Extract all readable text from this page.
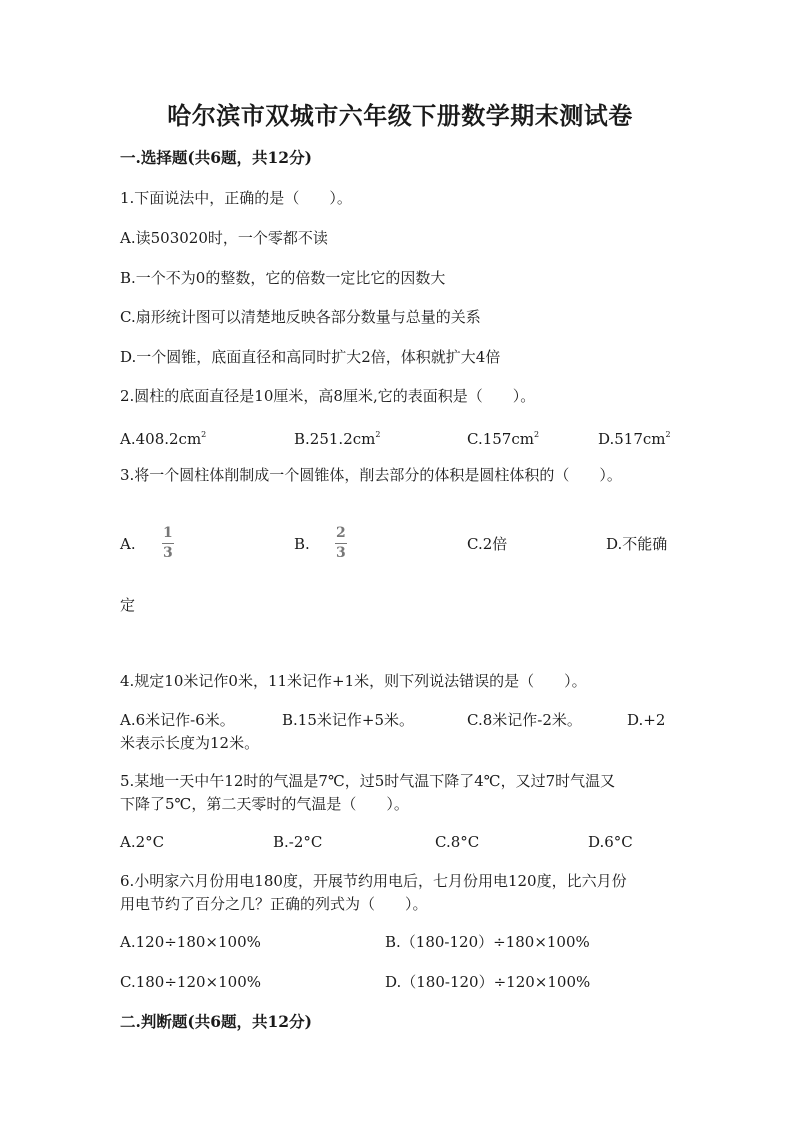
哈尔滨市双城市六年级下册数学期末测试卷
一.选择题(共6题，共12分)
1.下面说法中，正确的是（　　）。
A.读503020时，一个零都不读
B.一个不为0的整数，它的倍数一定比它的因数大
C.扇形统计图可以清楚地反映各部分数量与总量的关系
D.一个圆锥，底面直径和高同时扩大2倍，体积就扩大4倍
2.圆柱的底面直径是10厘米，高8厘米,它的表面积是（　　）。
$A.408.2cm^2$	$B.251.2cm^2$	$C.157cm^2$	$D.517cm^2$
3.将一个圆柱体削制成一个圆锥体，削去部分的体积是圆柱体积的（　　）。
A. $\frac{1}{3}$	B. $\frac{2}{3}$	C.2倍	D.不能确
定
4.规定10米记作0米，11米记作+1米，则下列说法错误的是（　　）。
A.6米记作-6米。	B.15米记作+5米。	C.8米记作-2米。	D.+2
米表示长度为12米。
5.某地一天中午12时的气温是7℃，过5时气温下降了4℃，又过7时气温又
下降了5℃，第二天零时的气温是（　　）。
A.2°C	B.-2°C	C.8°C	D.6°C
6.小明家六月份用电180度，开展节约用电后，七月份用电120度，比六月份
用电节约了百分之几？正确的列式为（　　）。
A.120÷180×100%	B.（180-120）÷180×100%
C.180÷120×100%	D.（180-120）÷120×100%
二.判断题(共6题，共12分)
